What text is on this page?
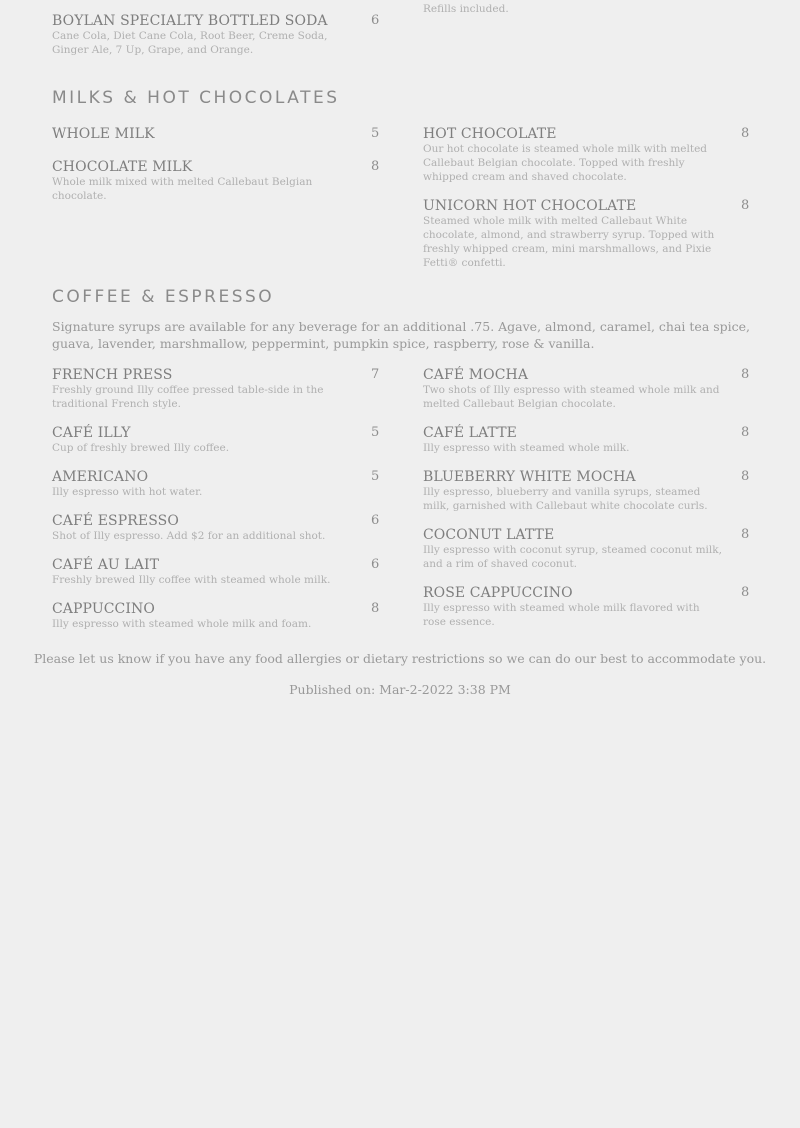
BOYLAN SPECIALTY BOTTLED SODA	6
Cane Cola, Diet Cane Cola, Root Beer, Creme Soda, Ginger Ale, 7 Up, Grape, and Orange.
Refills included.
MILKS & HOT CHOCOLATES
WHOLE MILK	5
CHOCOLATE MILK	8
Whole milk mixed with melted Callebaut Belgian chocolate.
HOT CHOCOLATE	8
Our hot chocolate is steamed whole milk with melted Callebaut Belgian chocolate. Topped with freshly whipped cream and shaved chocolate.
UNICORN HOT CHOCOLATE	8
Steamed whole milk with melted Callebaut White chocolate, almond, and strawberry syrup. Topped with freshly whipped cream, mini marshmallows, and Pixie Fetti® confetti.
COFFEE & ESPRESSO
Signature syrups are available for any beverage for an additional .75. Agave, almond, caramel, chai tea spice, guava, lavender, marshmallow, peppermint, pumpkin spice, raspberry, rose & vanilla.
FRENCH PRESS	7
Freshly ground Illy coffee pressed table-side in the traditional French style.
CAFÉ ILLY	5
Cup of freshly brewed Illy coffee.
AMERICANO	5
Illy espresso with hot water.
CAFÉ ESPRESSO	6
Shot of Illy espresso. Add $2 for an additional shot.
CAFÉ AU LAIT	6
Freshly brewed Illy coffee with steamed whole milk.
CAPPUCCINO	8
Illy espresso with steamed whole milk and foam.
CAFÉ MOCHA	8
Two shots of Illy espresso with steamed whole milk and melted Callebaut Belgian chocolate.
CAFÉ LATTE	8
Illy espresso with steamed whole milk.
BLUEBERRY WHITE MOCHA	8
Illy espresso, blueberry and vanilla syrups, steamed milk, garnished with Callebaut white chocolate curls.
COCONUT LATTE	8
Illy espresso with coconut syrup, steamed coconut milk, and a rim of shaved coconut.
ROSE CAPPUCCINO	8
Illy espresso with steamed whole milk flavored with rose essence.
Please let us know if you have any food allergies or dietary restrictions so we can do our best to accommodate you.
Published on: Mar-2-2022 3:38 PM
